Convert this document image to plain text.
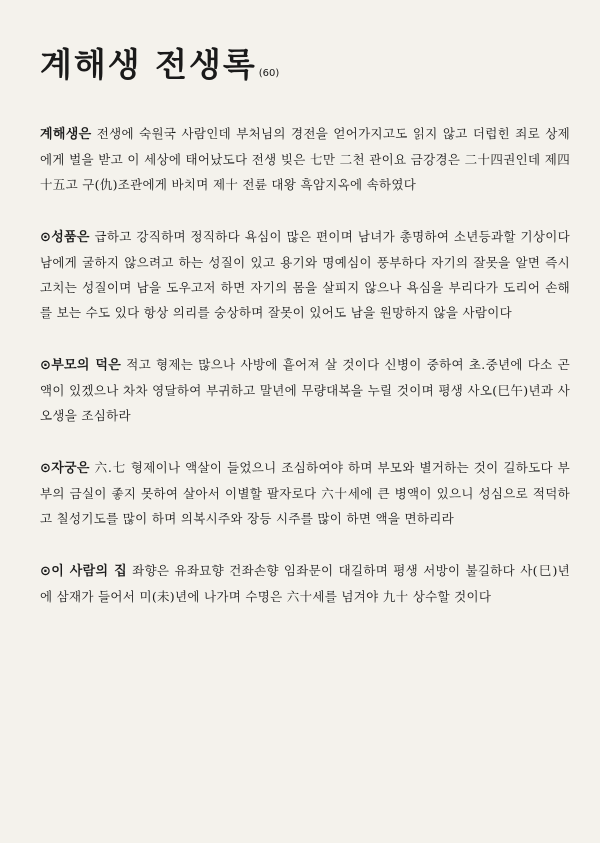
계해생 전생록 (60)

계해생은 전생에 숙원국 사람인데 부처님의 경전을 얻어가지고도 읽지 않고 더럽힌 죄로 상제에게 벌을 받고 이 세상에 태어났도다 전생 빚은 七만 二천 관이요 금강경은 二十四권인데 제四十五고 구(仇)조관에게 바치며 제十 전륜 대왕 흑암지옥에 속하였다

⊙성품은 급하고 강직하며 정직하다 욕심이 많은 편이며 남녀가 총명하여 소년등과할 기상이다 남에게 굴하지 않으려고 하는 성질이 있고 용기와 명예심이 풍부하다 자기의 잘못을 알면 즉시 고치는 성질이며 남을 도우고저 하면 자기의 몸을 살피지 않으나 욕심을 부리다가 도리어 손해를 보는 수도 있다 항상 의리를 숭상하며 잘못이 있어도 남을 원망하지 않을 사람이다

⊙부모의 덕은 적고 형제는 많으나 사방에 흩어져 살 것이다 신병이 중하여 초.중년에 다소 곤액이 있겠으나 차차 영달하여 부귀하고 말년에 무량대복을 누릴 것이며 평생 사오(巳午)년과 사오생을 조심하라

⊙자궁은 六.七 형제이나 액살이 들었으니 조심하여야 하며 부모와 별거하는 것이 길하도다 부부의 금실이 좋지 못하여 살아서 이별할 팔자로다 六十세에 큰 병액이 있으니 성심으로 적덕하고 칠성기도를 많이 하며 의복시주와 장등 시주를 많이 하면 액을 면하리라

⊙이 사람의 집 좌향은 유좌묘향 건좌손향 임좌문이 대길하며 평생 서방이 불길하다 사(巳)년에 삼재가 들어서 미(未)년에 나가며 수명은 六十세를 넘겨야 九十 상수할 것이다
